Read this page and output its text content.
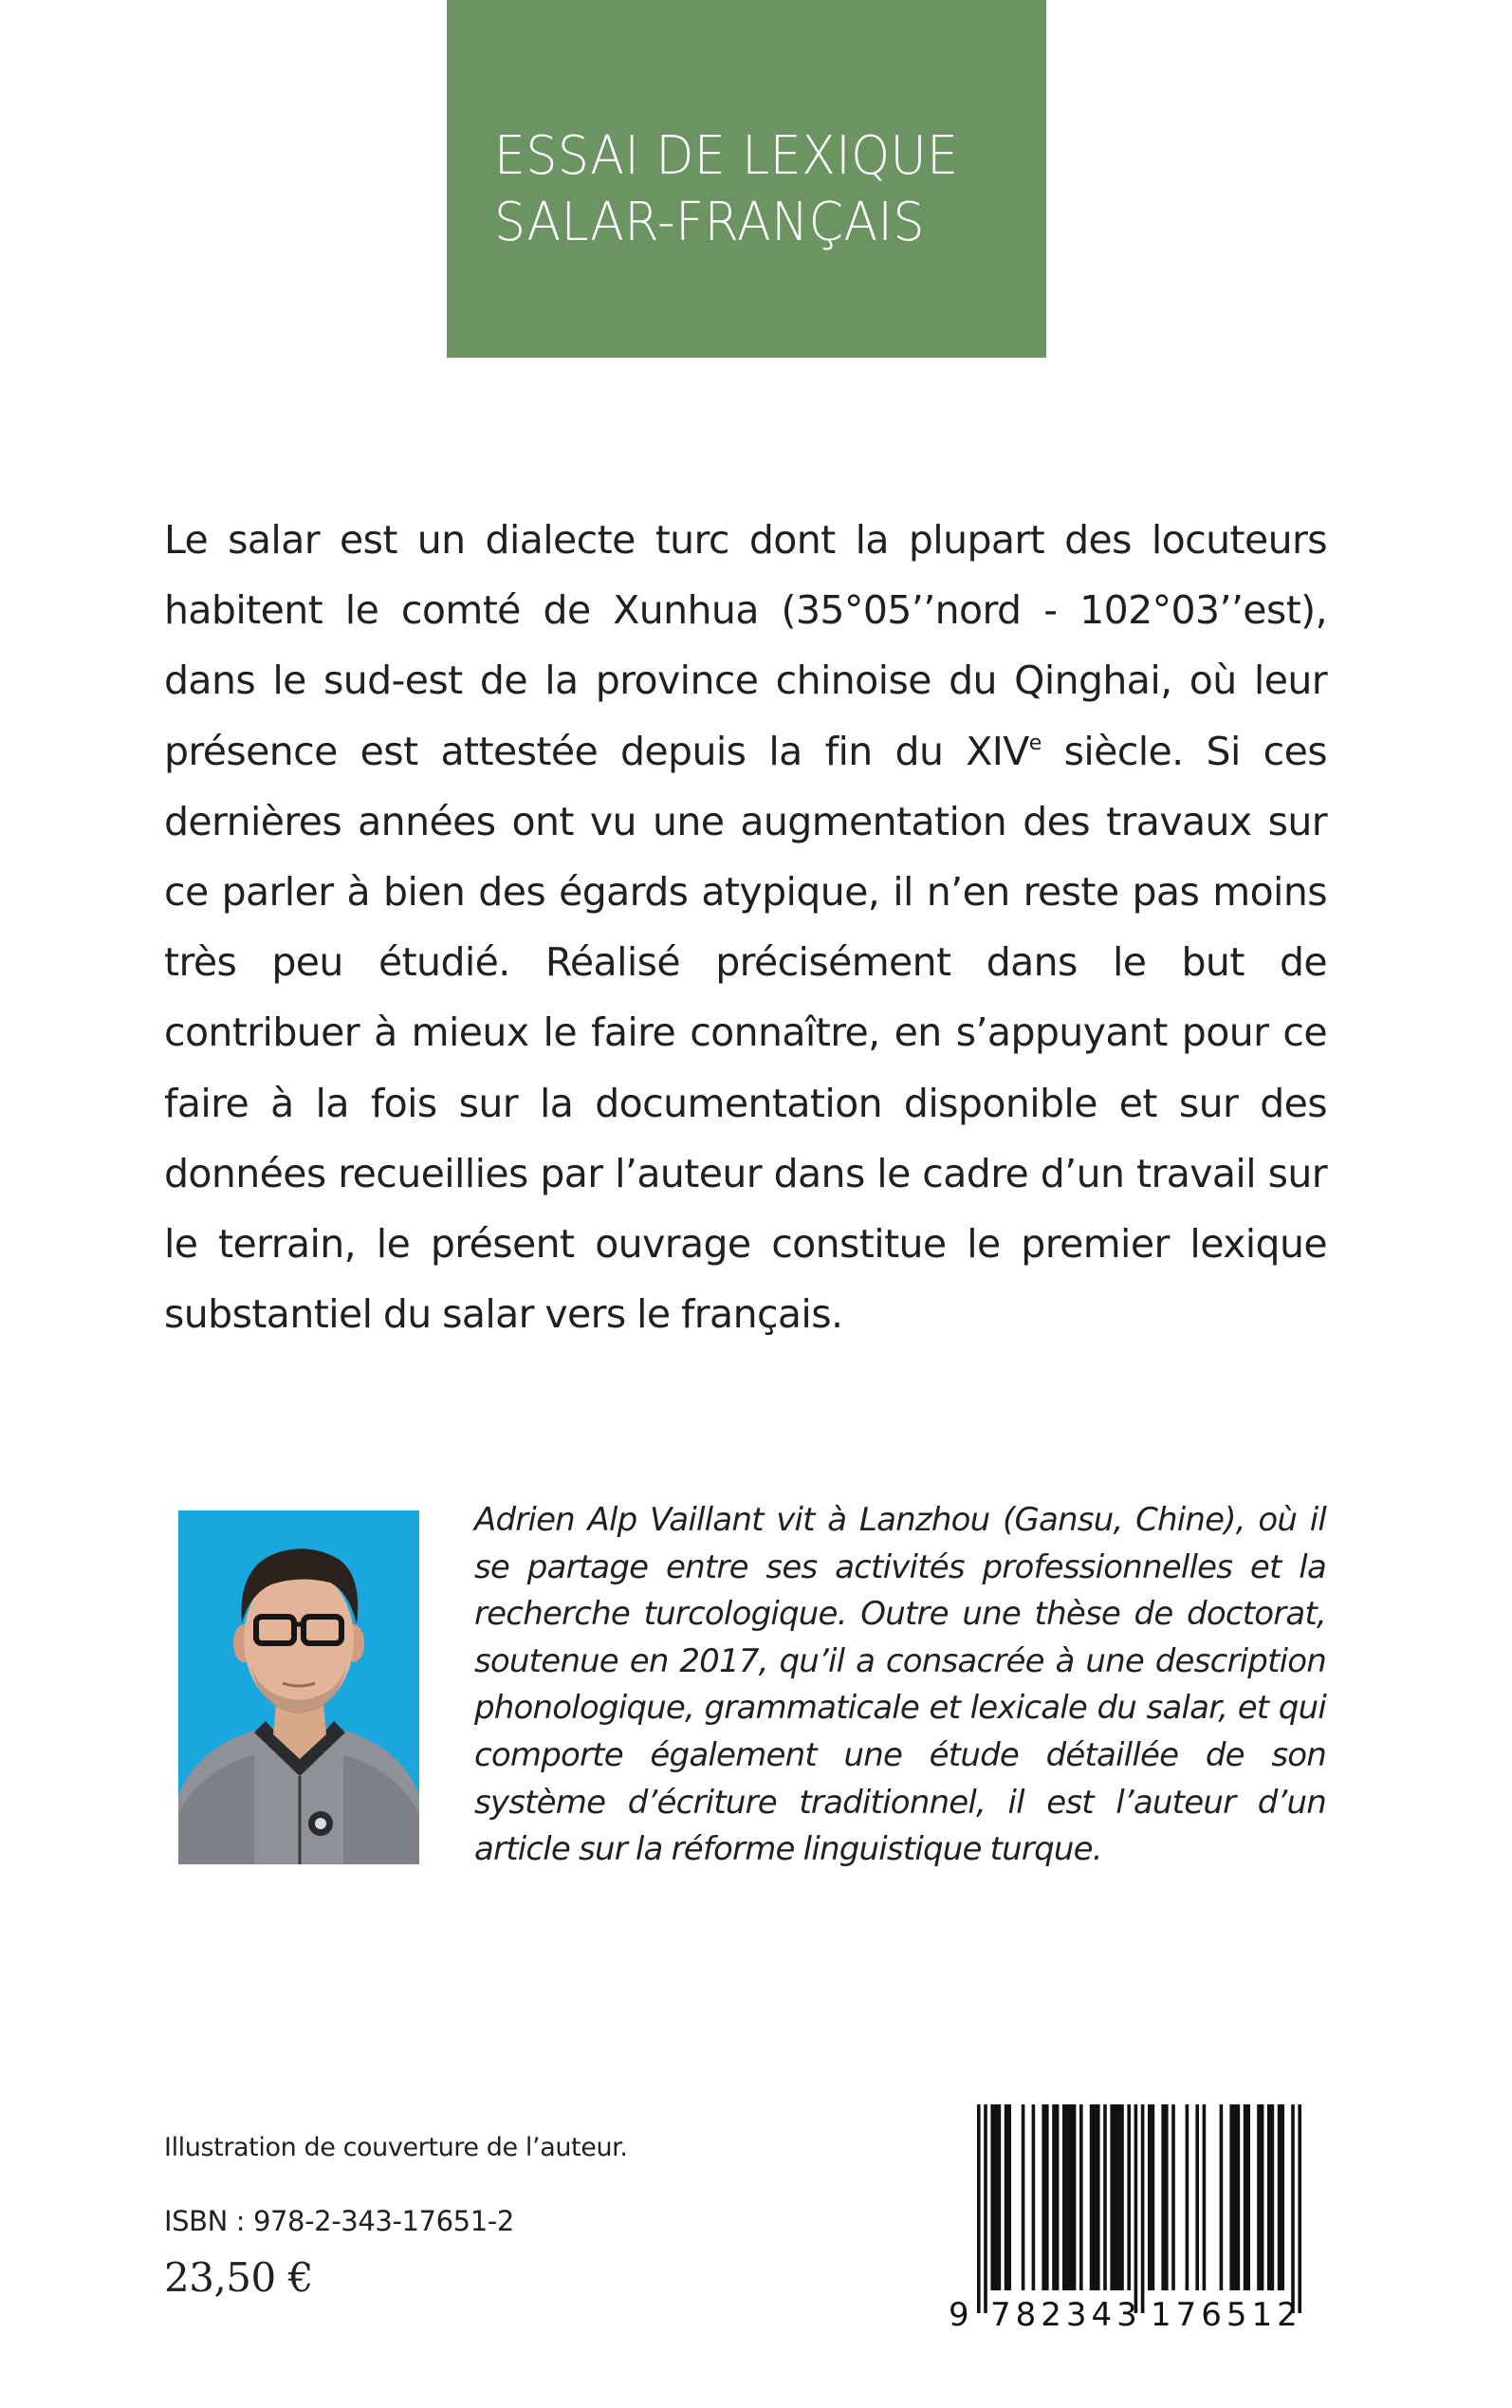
ESSAI DE LEXIQUE
SALAR-FRANÇAIS
Le salar est un dialecte turc dont la plupart des locuteurs habitent le comté de Xunhua (35°05’’nord - 102°03’’est), dans le sud-est de la province chinoise du Qinghai, où leur présence est attestée depuis la fin du XIVe siècle. Si ces dernières années ont vu une augmentation des travaux sur ce parler à bien des égards atypique, il n’en reste pas moins très peu étudié. Réalisé précisément dans le but de contribuer à mieux le faire connaître, en s’appuyant pour ce faire à la fois sur la documentation disponible et sur des données recueillies par l’auteur dans le cadre d’un travail sur le terrain, le présent ouvrage constitue le premier lexique substantiel du salar vers le français.
Adrien Alp Vaillant vit à Lanzhou (Gansu, Chine), où il se partage entre ses activités professionnelles et la recherche turcologique. Outre une thèse de doctorat, soutenue en 2017, qu’il a consacrée à une description phonologique, grammaticale et lexicale du salar, et qui comporte également une étude détaillée de son système d’écriture traditionnel, il est l’auteur d’un article sur la réforme linguistique turque.
Illustration de couverture de l’auteur.
ISBN : 978-2-343-17651-2
23,50 €
9 782343 176512
